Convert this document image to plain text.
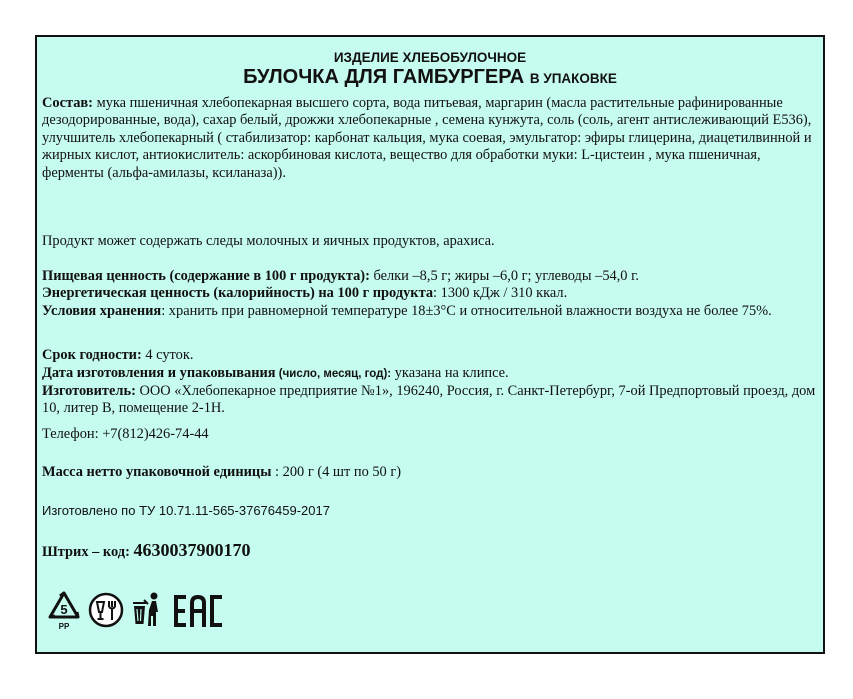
ИЗДЕЛИЕ ХЛЕБОБУЛОЧНОЕ
БУЛОЧКА ДЛЯ ГАМБУРГЕРА В УПАКОВКЕ
Состав: мука пшеничная хлебопекарная высшего сорта, вода питьевая, маргарин (масла растительные рафинированные дезодорированные, вода), сахар белый, дрожжи хлебопекарные , семена кунжута, соль (соль, агент антислеживающий Е536), улучшитель хлебопекарный ( стабилизатор: карбонат кальция, мука соевая, эмульгатор: эфиры глицерина, диацетилвинной и жирных кислот, антиокислитель: аскорбиновая кислота, вещество для обработки муки: L-цистеин , мука пшеничная, ферменты (альфа-амилазы, ксиланаза)).
Продукт может содержать следы молочных и яичных продуктов, арахиса.
Пищевая ценность (содержание в 100 г продукта): белки –8,5 г; жиры –6,0 г; углеводы –54,0 г.
Энергетическая ценность (калорийность) на 100 г продукта: 1300 кДж / 310 ккал.
Условия хранения: хранить при равномерной температуре 18±3°С и относительной влажности воздуха не более 75%.
Срок годности: 4 суток.
Дата изготовления и упаковывания (число, месяц, год): указана на клипсе.
Изготовитель: ООО «Хлебопекарное предприятие №1», 196240, Россия, г. Санкт-Петербург, 7-ой Предпортовый проезд, дом 10, литер В, помещение 2-1Н.
Телефон: +7(812)426-74-44
Масса нетто упаковочной единицы : 200 г (4 шт по 50 г)
Изготовлено по ТУ 10.71.11-565-37676459-2017
Штрих – код: 4630037900170
5
PP
